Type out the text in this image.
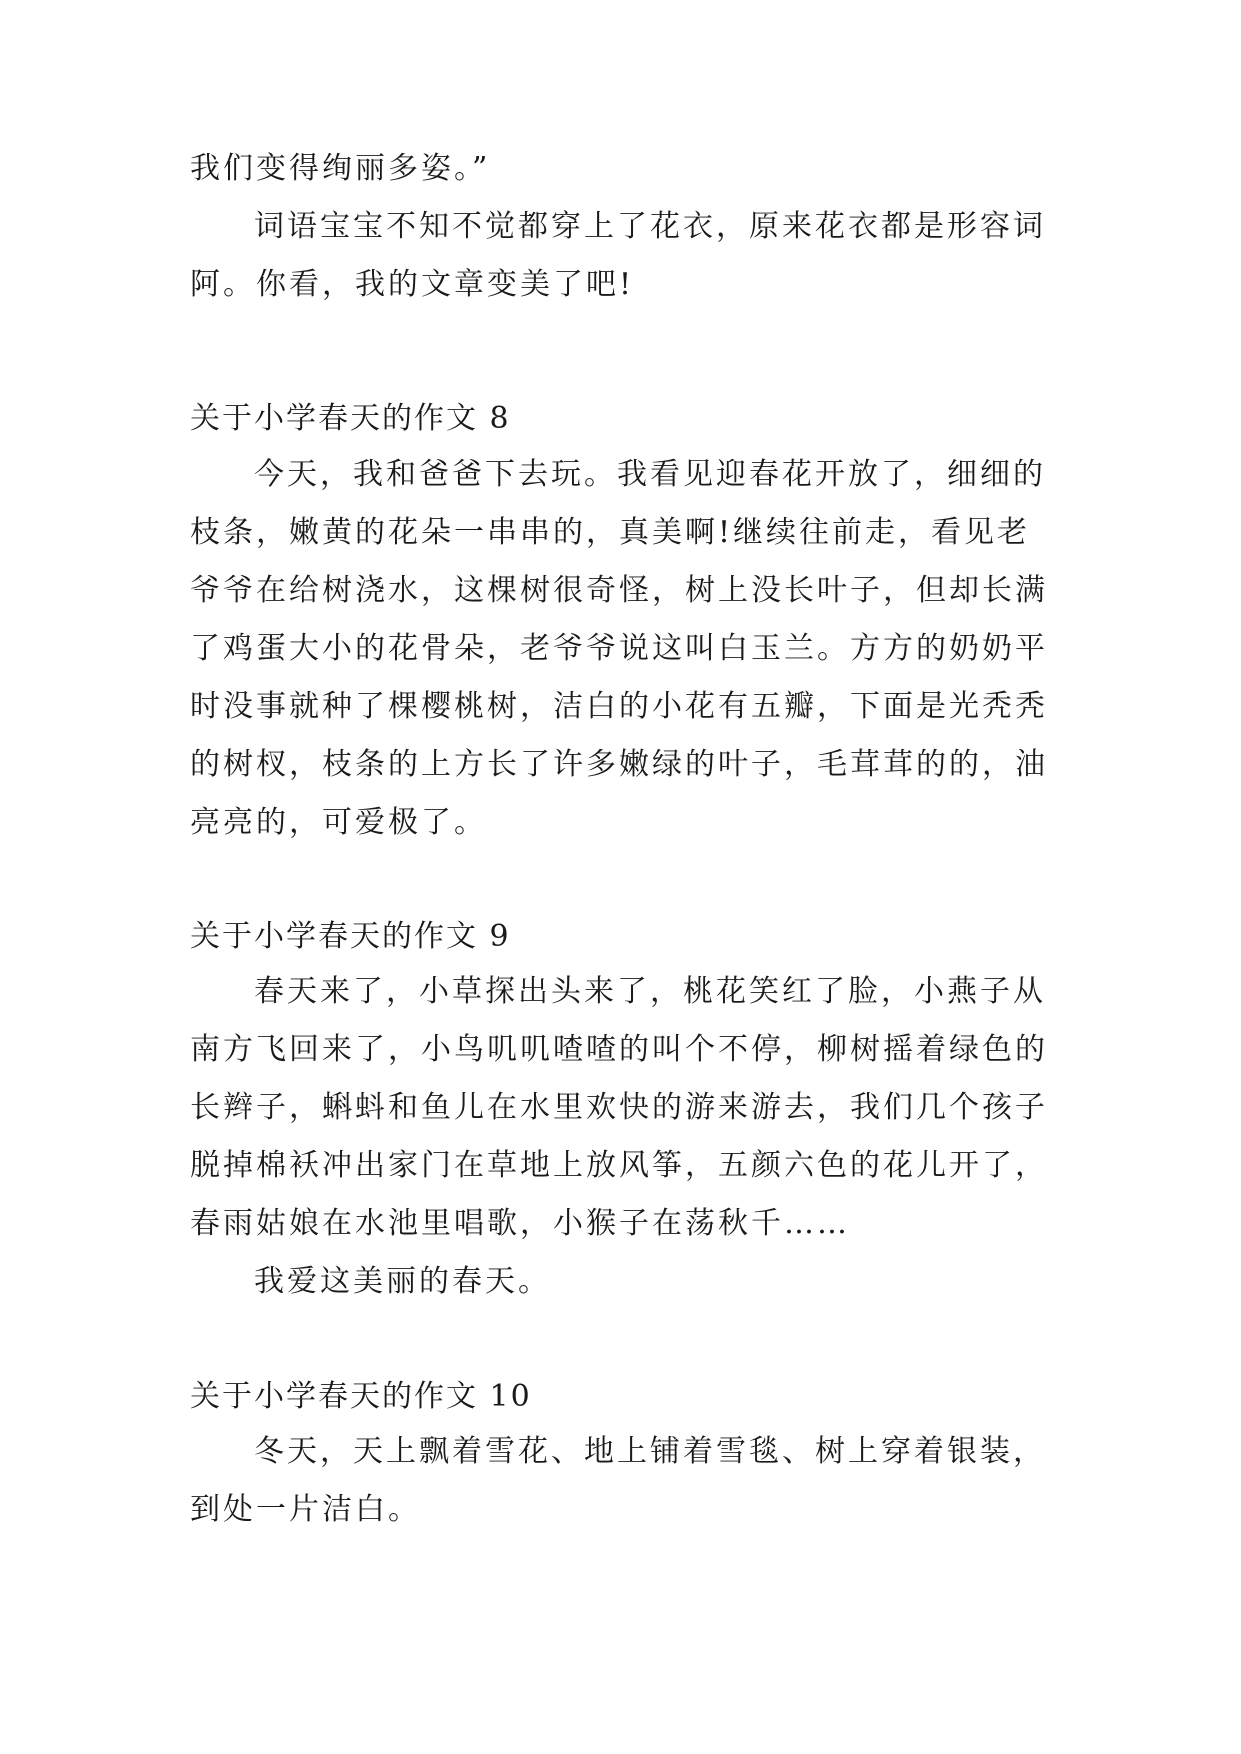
我们变得绚丽多姿。”
词语宝宝不知不觉都穿上了花衣，原来花衣都是形容词
阿。你看，我的文章变美了吧!
关于小学春天的作文 8
今天，我和爸爸下去玩。我看见迎春花开放了，细细的
枝条，嫩黄的花朵一串串的，真美啊!继续往前走，看见老
爷爷在给树浇水，这棵树很奇怪，树上没长叶子，但却长满
了鸡蛋大小的花骨朵，老爷爷说这叫白玉兰。方方的奶奶平
时没事就种了棵樱桃树，洁白的小花有五瓣，下面是光秃秃
的树杈，枝条的上方长了许多嫩绿的叶子，毛茸茸的的，油
亮亮的，可爱极了。
关于小学春天的作文 9
春天来了，小草探出头来了，桃花笑红了脸，小燕子从
南方飞回来了，小鸟叽叽喳喳的叫个不停，柳树摇着绿色的
长辫子，蝌蚪和鱼儿在水里欢快的游来游去，我们几个孩子
脱掉棉袄冲出家门在草地上放风筝，五颜六色的花儿开了，
春雨姑娘在水池里唱歌，小猴子在荡秋千……
我爱这美丽的春天。
关于小学春天的作文 10
冬天，天上飘着雪花、地上铺着雪毯、树上穿着银装，
到处一片洁白。
